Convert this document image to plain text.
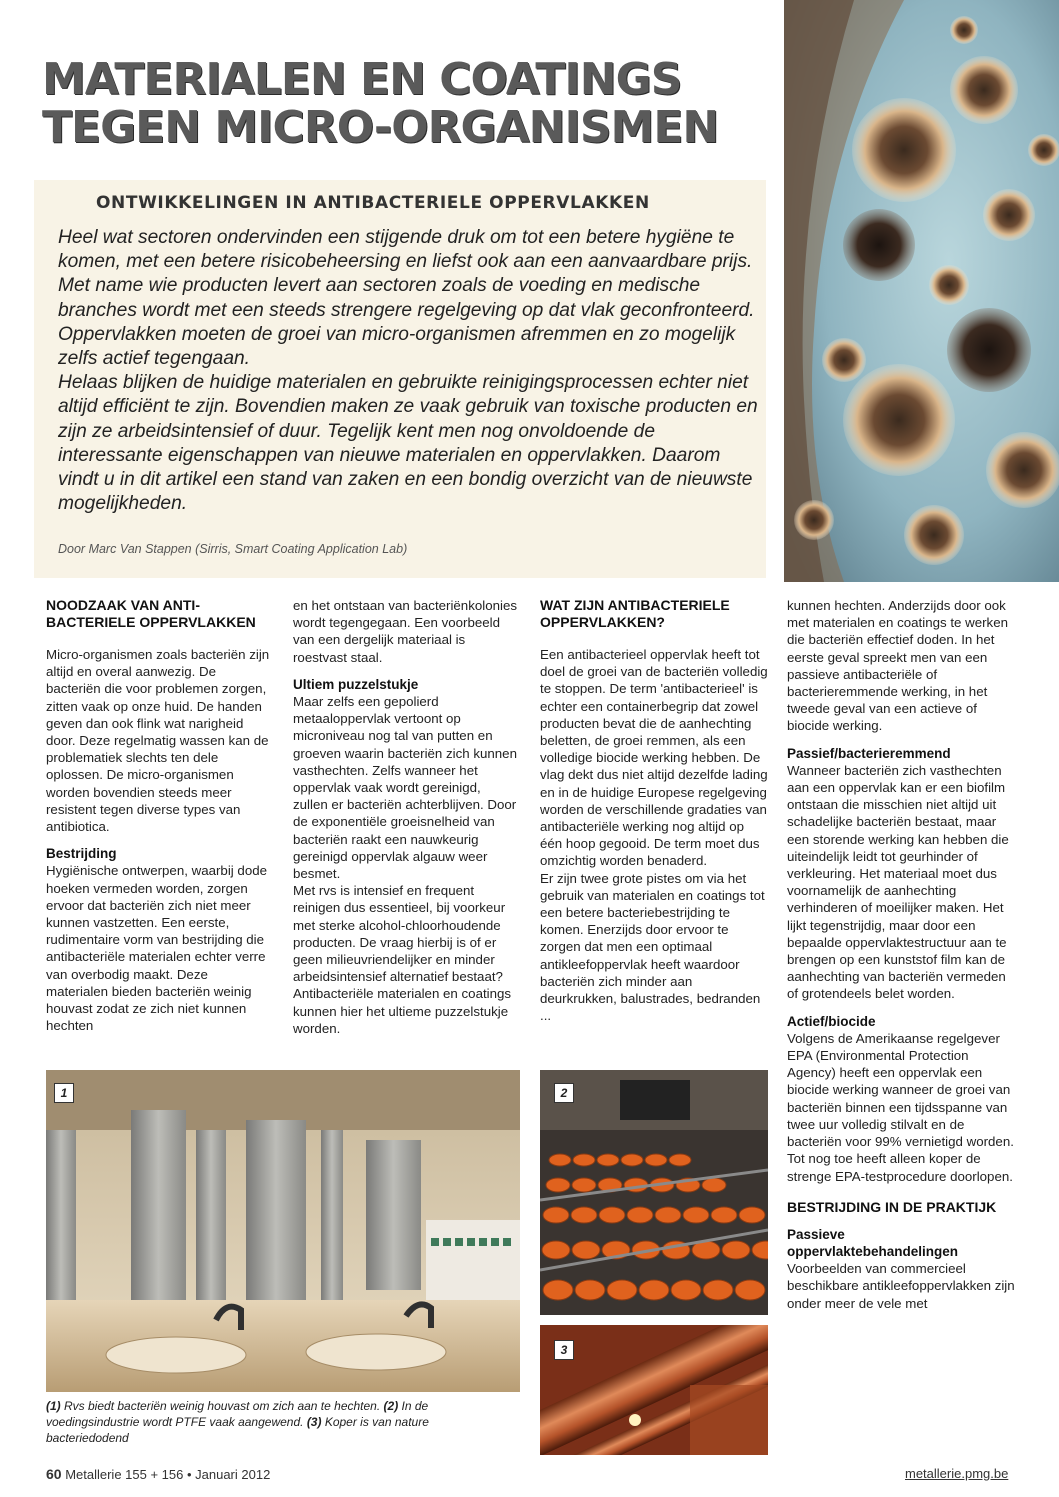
MATERIALEN EN COATINGS
TEGEN MICRO-ORGANISMEN
ONTWIKKELINGEN IN ANTIBACTERIELE OPPERVLAKKEN

Heel wat sectoren ondervinden een stijgende druk om tot een betere hygiëne te komen, met een betere risicobeheersing en liefst ook aan een aanvaardbare prijs. Met name wie producten levert aan sectoren zoals de voeding en medische branches wordt met een steeds strengere regelgeving op dat vlak geconfronteerd. Oppervlakken moeten de groei van micro-organismen afremmen en zo mogelijk zelfs actief tegengaan.

Helaas blijken de huidige materialen en gebruikte reinigingsprocessen echter niet altijd efficiënt te zijn. Bovendien maken ze vaak gebruik van toxische producten en zijn ze arbeidsintensief of duur. Tegelijk kent men nog onvoldoende de interessante eigenschappen van nieuwe materialen en oppervlakken. Daarom vindt u in dit artikel een stand van zaken en een bondig overzicht van de nieuwste mogelijkheden.

Door Marc Van Stappen (Sirris, Smart Coating Application Lab)

NOODZAAK VAN ANTI-BACTERIELE OPPERVLAKKEN

Micro-organismen zoals bacteriën zijn altijd en overal aanwezig. De bacteriën die voor problemen zorgen, zitten vaak op onze huid. De handen geven dan ook flink wat narigheid door. Deze regelmatig wassen kan de problematiek slechts ten dele oplossen. De micro-organismen worden bovendien steeds meer resistent tegen diverse types van antibiotica.

Bestrijding

Hygiënische ontwerpen, waarbij dode hoeken vermeden worden, zorgen ervoor dat bacteriën zich niet meer kunnen vastzetten. Een eerste, rudimentaire vorm van bestrijding die antibacteriële materialen echter verre van overbodig maakt. Deze materialen bieden bacteriën weinig houvast zodat ze zich niet kunnen hechten

en het ontstaan van bacteriënkolonies wordt tegengegaan. Een voorbeeld van een dergelijk materiaal is roestvast staal.

Ultiem puzzelstukje

Maar zelfs een gepolierd metaaloppervlak vertoont op microniveau nog tal van putten en groeven waarin bacteriën zich kunnen vasthechten. Zelfs wanneer het oppervlak vaak wordt gereinigd, zullen er bacteriën achterblijven. Door de exponentiële groeisnelheid van bacteriën raakt een nauwkeurig gereinigd oppervlak algauw weer besmet.

Met rvs is intensief en frequent reinigen dus essentieel, bij voorkeur met sterke alcohol-chloorhoudende producten. De vraag hierbij is of er geen milieuvriendelijker en minder arbeidsintensief alternatief bestaat? Antibacteriële materialen en coatings kunnen hier het ultieme puzzelstukje worden.

WAT ZIJN ANTIBACTERIELE OPPERVLAKKEN?

Een antibacterieel oppervlak heeft tot doel de groei van de bacteriën volledig te stoppen. De term 'antibacterieel' is echter een containerbegrip dat zowel producten bevat die de aanhechting beletten, de groei remmen, als een volledige biocide werking hebben. De vlag dekt dus niet altijd dezelfde lading en in de huidige Europese regelgeving worden de verschillende gradaties van antibacteriële werking nog altijd op één hoop gegooid. De term moet dus omzichtig worden benaderd.

Er zijn twee grote pistes om via het gebruik van materialen en coatings tot een betere bacteriebestrijding te komen. Enerzijds door ervoor te zorgen dat men een optimaal antikleefoppervlak heeft waardoor bacteriën zich minder aan deurkrukken, balustrades, bedranden ...

kunnen hechten. Anderzijds door ook met materialen en coatings te werken die bacteriën effectief doden. In het eerste geval spreekt men van een passieve antibacteriële of bacterieremmende werking, in het tweede geval van een actieve of biocide werking.

Passief/bacterieremmend

Wanneer bacteriën zich vasthechten aan een oppervlak kan er een biofilm ontstaan die misschien niet altijd uit schadelijke bacteriën bestaat, maar een storende werking kan hebben die uiteindelijk leidt tot geurhinder of verkleuring. Het materiaal moet dus voornamelijk de aanhechting verhinderen of moeilijker maken. Het lijkt tegenstrijdig, maar door een bepaalde oppervlaktestructuur aan te brengen op een kunststof film kan de aanhechting van bacteriën vermeden of grotendeels belet worden.

Actief/biocide

Volgens de Amerikaanse regelgever EPA (Environmental Protection Agency) heeft een oppervlak een biocide werking wanneer de groei van bacteriën binnen een tijdsspanne van twee uur volledig stilvalt en de bacteriën voor 99% vernietigd worden. Tot nog toe heeft alleen koper de strenge EPA-testprocedure doorlopen.

BESTRIJDING IN DE PRAKTIJK

Passieve oppervlaktebehandelingen

Voorbeelden van commercieel beschikbare antikleefoppervlakken zijn onder meer de vele met

1	2
3
(1) Rvs biedt bacteriën weinig houvast om zich aan te hechten. (2) In de voedingsindustrie wordt PTFE vaak aangewend. (3) Koper is van nature bacteriedodend
60 Metallerie 155 + 156 • Januari 2012	metallerie.pmg.be
